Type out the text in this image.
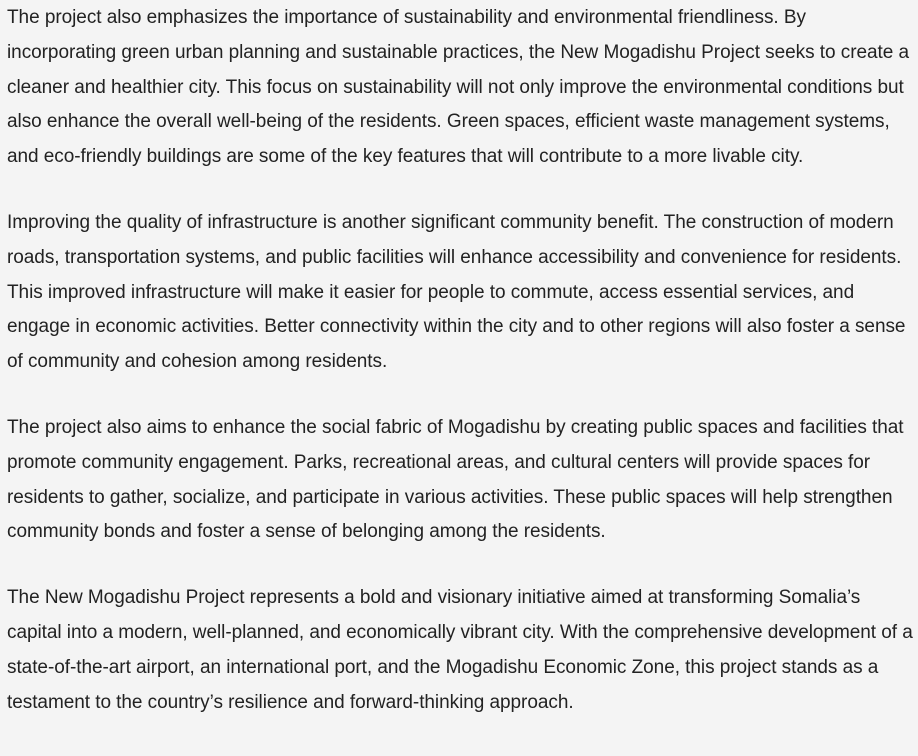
The project also emphasizes the importance of sustainability and environmental friendliness. By incorporating green urban planning and sustainable practices, the New Mogadishu Project seeks to create a cleaner and healthier city. This focus on sustainability will not only improve the environmental conditions but also enhance the overall well-being of the residents. Green spaces, efficient waste management systems, and eco-friendly buildings are some of the key features that will contribute to a more livable city.

Improving the quality of infrastructure is another significant community benefit. The construction of modern roads, transportation systems, and public facilities will enhance accessibility and convenience for residents. This improved infrastructure will make it easier for people to commute, access essential services, and engage in economic activities. Better connectivity within the city and to other regions will also foster a sense of community and cohesion among residents.

The project also aims to enhance the social fabric of Mogadishu by creating public spaces and facilities that promote community engagement. Parks, recreational areas, and cultural centers will provide spaces for residents to gather, socialize, and participate in various activities. These public spaces will help strengthen community bonds and foster a sense of belonging among the residents.

The New Mogadishu Project represents a bold and visionary initiative aimed at transforming Somalia’s capital into a modern, well-planned, and economically vibrant city. With the comprehensive development of a state-of-the-art airport, an international port, and the Mogadishu Economic Zone, this project stands as a testament to the country’s resilience and forward-thinking approach.
